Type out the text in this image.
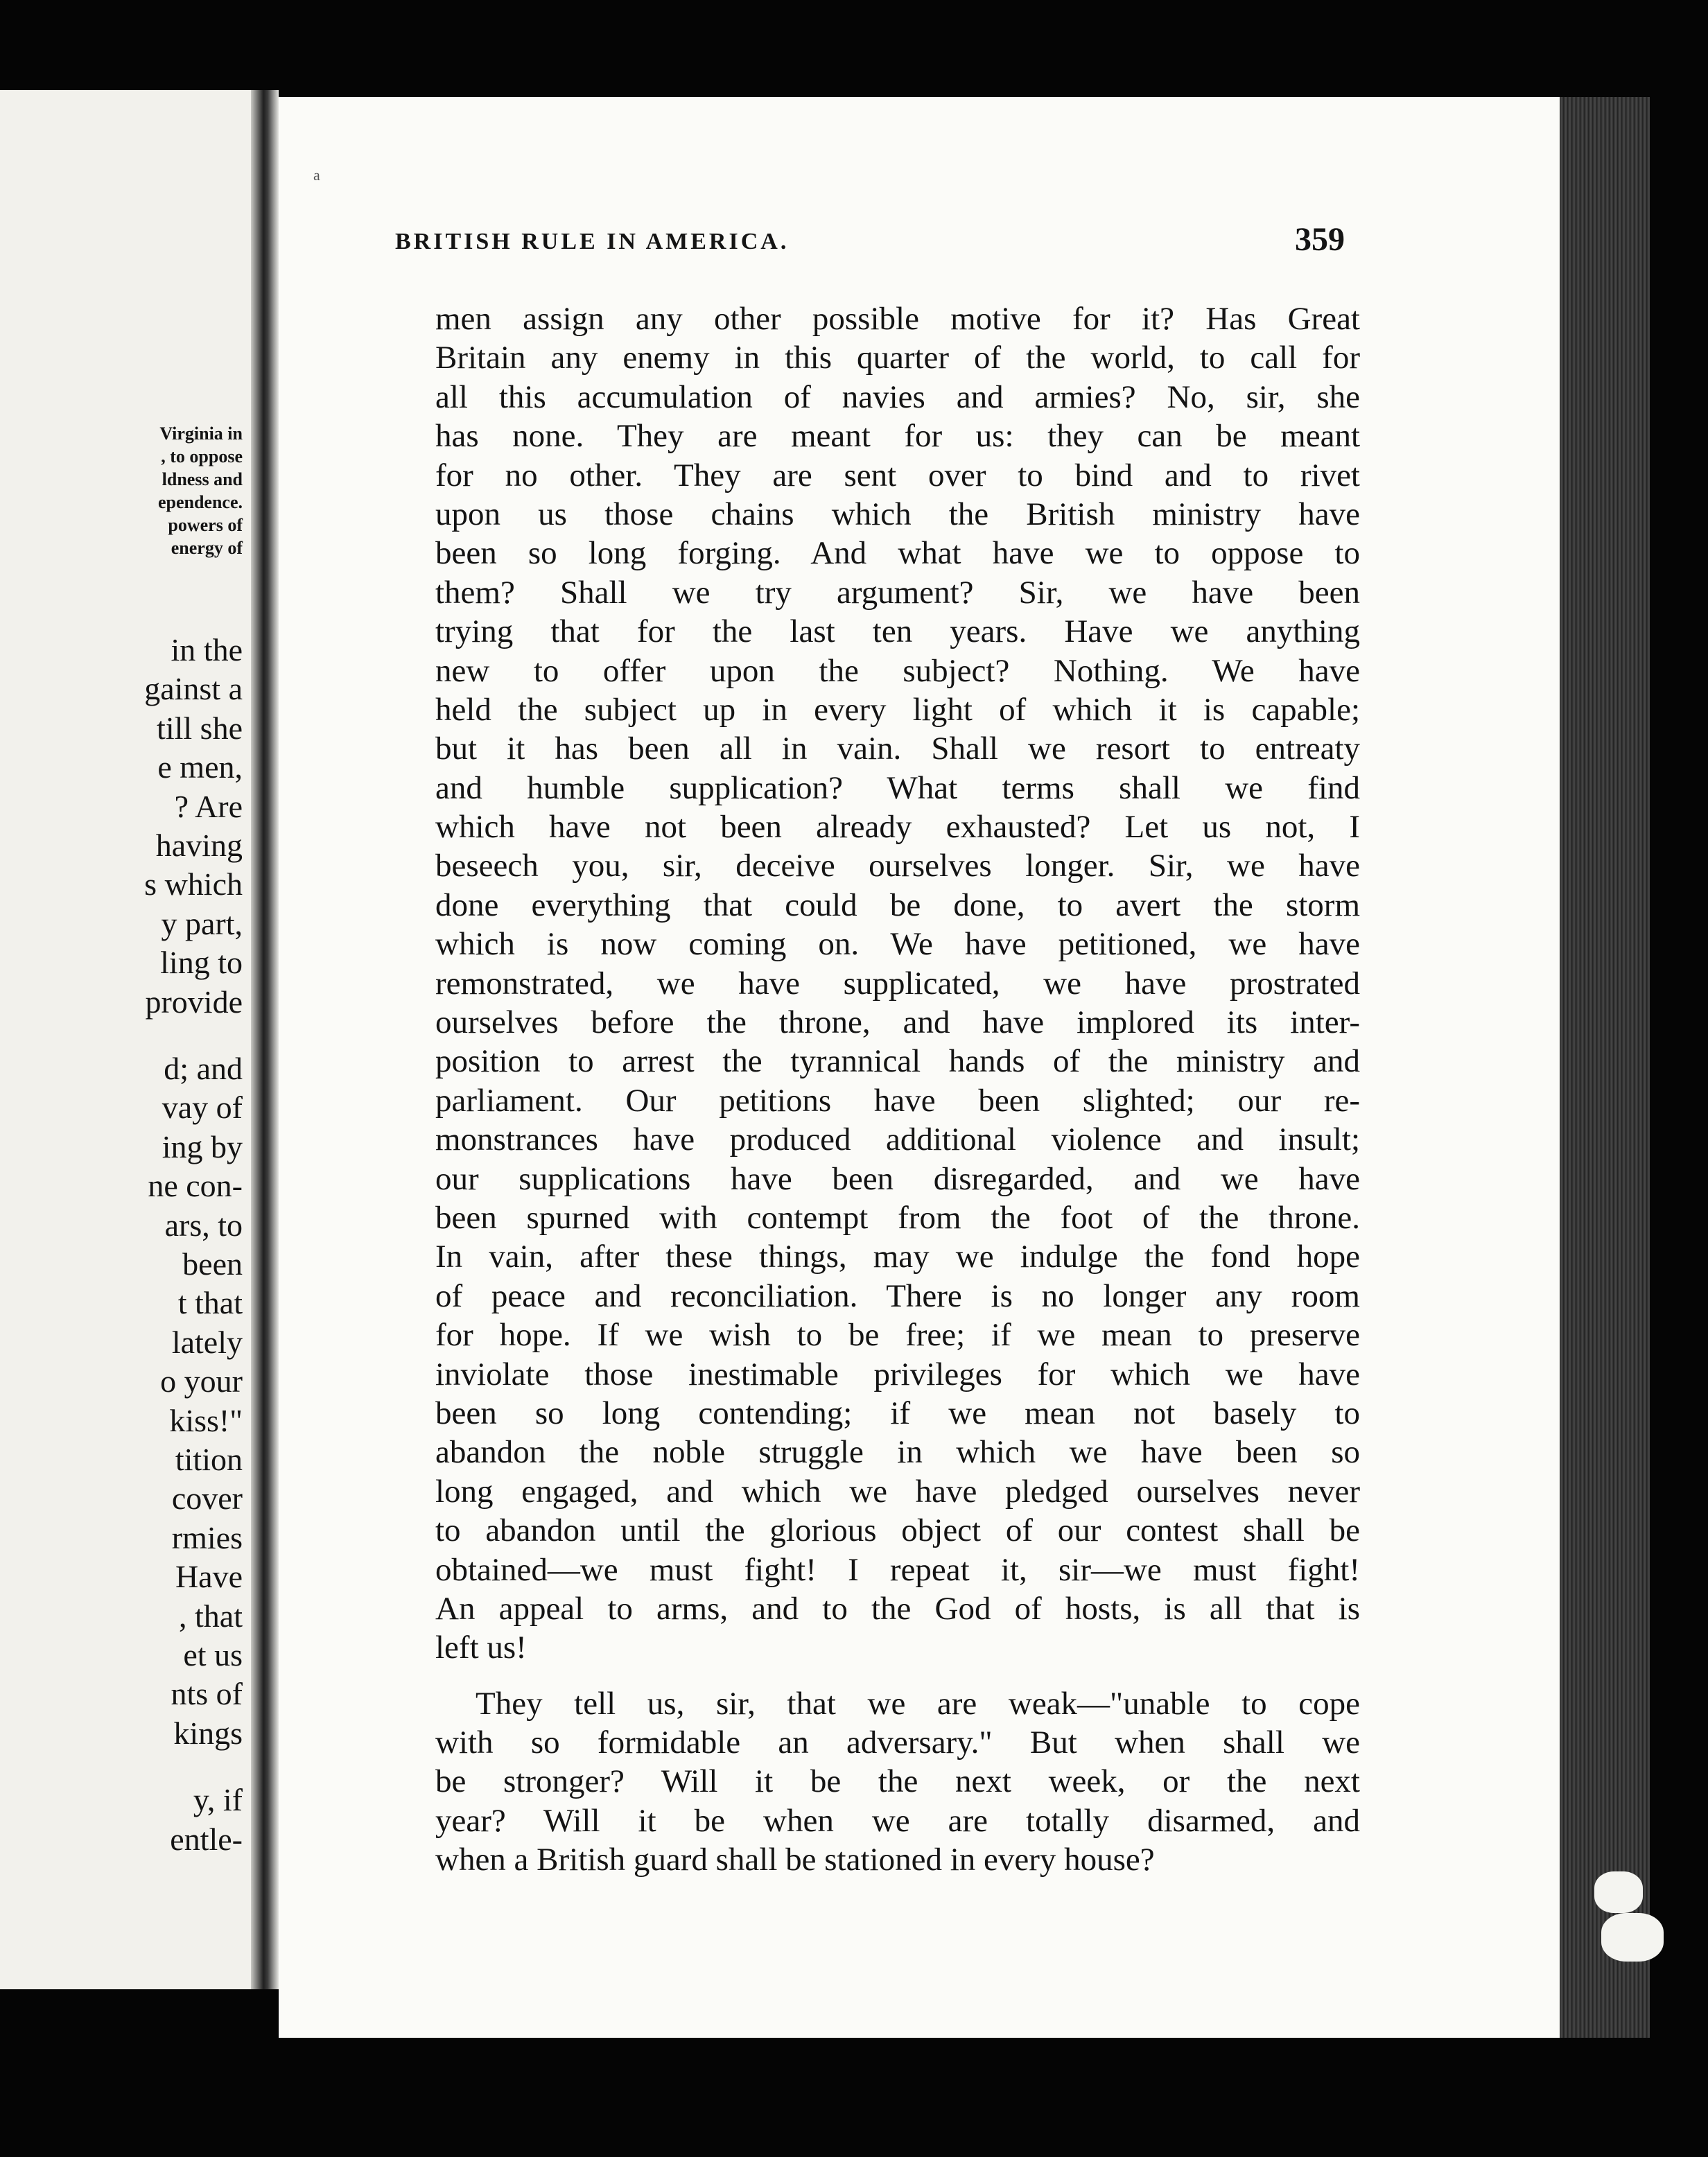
Virginia in
, to oppose
ldness and
ependence.
powers of
energy of
in the
gainst a
till she
e men,
? Are
having
s which
y part,
ling to
provide
d; and
vay of
ing by
ne con-
ars, to
been
t that
lately
o your
kiss!"
tition
cover
rmies
Have
, that
et us
nts of
kings
y, if
entle-
a
BRITISH RULE IN AMERICA.	359
men assign any other possible motive for it? Has Great
Britain any enemy in this quarter of the world, to call for
all this accumulation of navies and armies? No, sir, she
has none. They are meant for us: they can be meant
for no other. They are sent over to bind and to rivet
upon us those chains which the British ministry have
been so long forging. And what have we to oppose to
them? Shall we try argument? Sir, we have been
trying that for the last ten years. Have we anything
new to offer upon the subject? Nothing. We have
held the subject up in every light of which it is capable;
but it has been all in vain. Shall we resort to entreaty
and humble supplication? What terms shall we find
which have not been already exhausted? Let us not, I
beseech you, sir, deceive ourselves longer. Sir, we have
done everything that could be done, to avert the storm
which is now coming on. We have petitioned, we have
remonstrated, we have supplicated, we have prostrated
ourselves before the throne, and have implored its inter-
position to arrest the tyrannical hands of the ministry and
parliament. Our petitions have been slighted; our re-
monstrances have produced additional violence and insult;
our supplications have been disregarded, and we have
been spurned with contempt from the foot of the throne.
In vain, after these things, may we indulge the fond hope
of peace and reconciliation. There is no longer any room
for hope. If we wish to be free; if we mean to preserve
inviolate those inestimable privileges for which we have
been so long contending; if we mean not basely to
abandon the noble struggle in which we have been so
long engaged, and which we have pledged ourselves never
to abandon until the glorious object of our contest shall be
obtained—we must fight! I repeat it, sir—we must fight!
An appeal to arms, and to the God of hosts, is all that is
left us!
They tell us, sir, that we are weak—"unable to cope
with so formidable an adversary." But when shall we
be stronger? Will it be the next week, or the next
year? Will it be when we are totally disarmed, and
when a British guard shall be stationed in every house?
